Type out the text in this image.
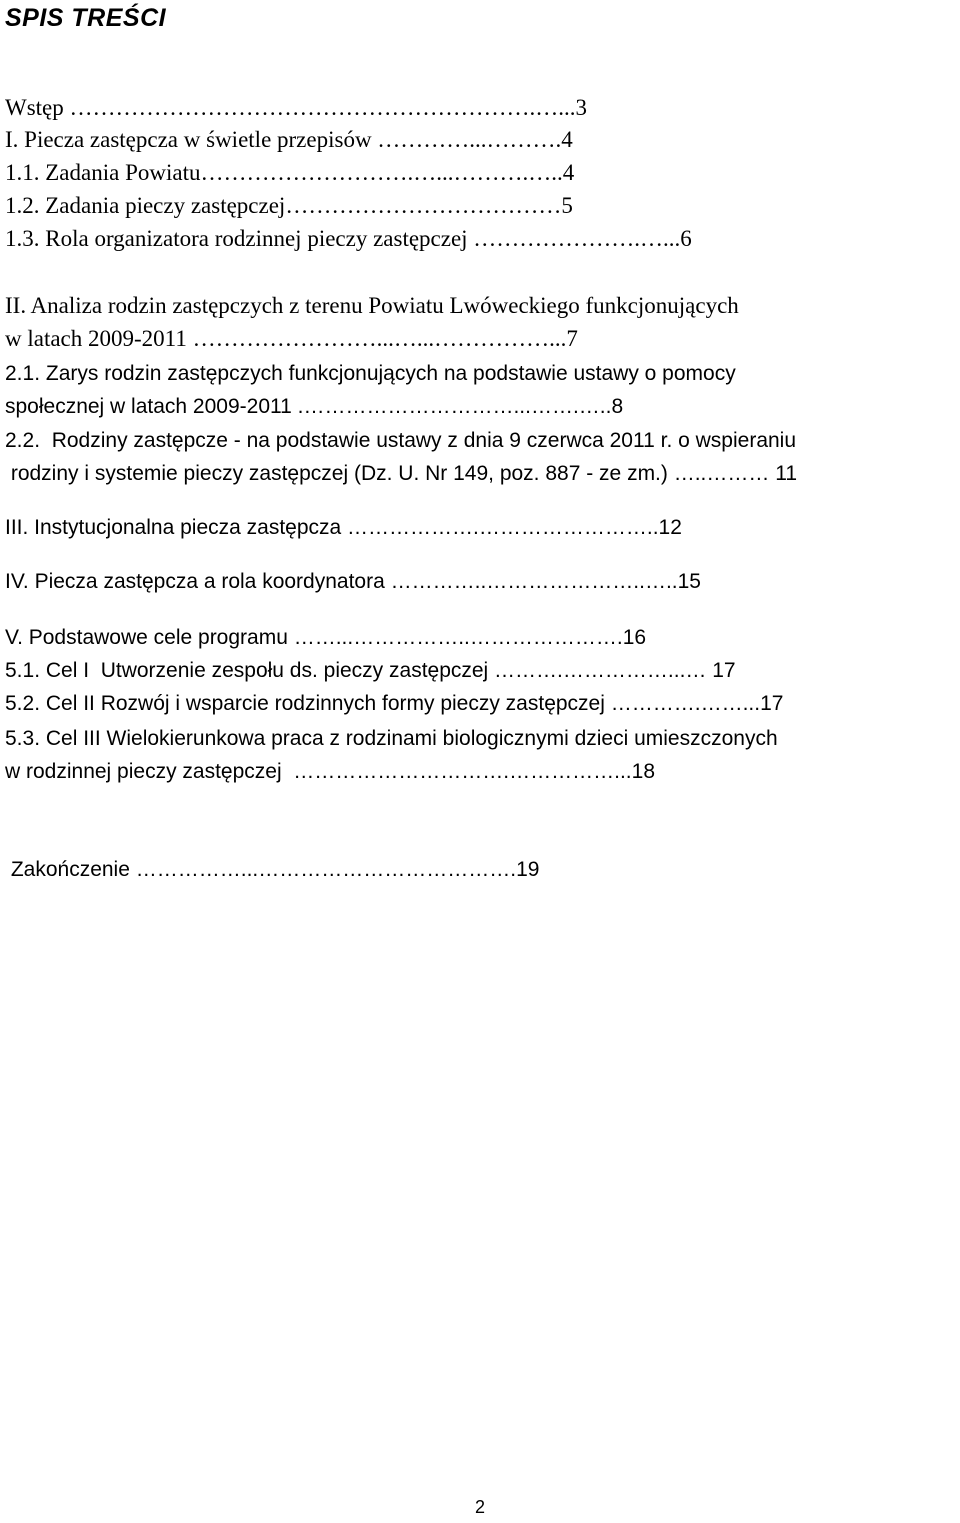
SPIS TREŚCI
Wstęp …………………………………………………….…...3
I. Piecza zastępcza w świetle przepisów …………...……….4
1.1. Zadania Powiatu……………………….…...……….…..4
1.2. Zadania pieczy zastępczej………………………………5
1.3. Rola organizatora rodzinnej pieczy zastępczej ………………….…...6
II. Analiza rodzin zastępczych z terenu Powiatu Lwóweckiego funkcjonujących
w latach 2009-2011 ……………………...…...……………...7
2.1. Zarys rodzin zastępczych funkcjonujących na podstawie ustawy o pomocy
społecznej w latach 2009-2011 .…………………………...…….…..8
2.2.  Rodziny zastępcze - na podstawie ustawy z dnia 9 czerwca 2011 r. o wspieraniu
rodziny i systemie pieczy zastępczej (Dz. U. Nr 149, poz. 887 - ze zm.) …..……… 11
III. Instytucjonalna piecza zastępcza ……………….……………………..12
IV. Piecza zastępcza a rola koordynatora …………..…………………..…..15
V. Podstawowe cele programu ……...……………..………………….16
5.1. Cel I  Utworzenie zespołu ds. pieczy zastępczej ……….……………...… 17
5.2. Cel II Rozwój i wsparcie rodzinnych formy pieczy zastępczej ………….……...17
5.3. Cel III Wielokierunkowa praca z rodzinami biologicznymi dzieci umieszczonych
w rodzinnej pieczy zastępczej  ………………………….……………...18
Zakończenie ……………...……………………………….19
2
